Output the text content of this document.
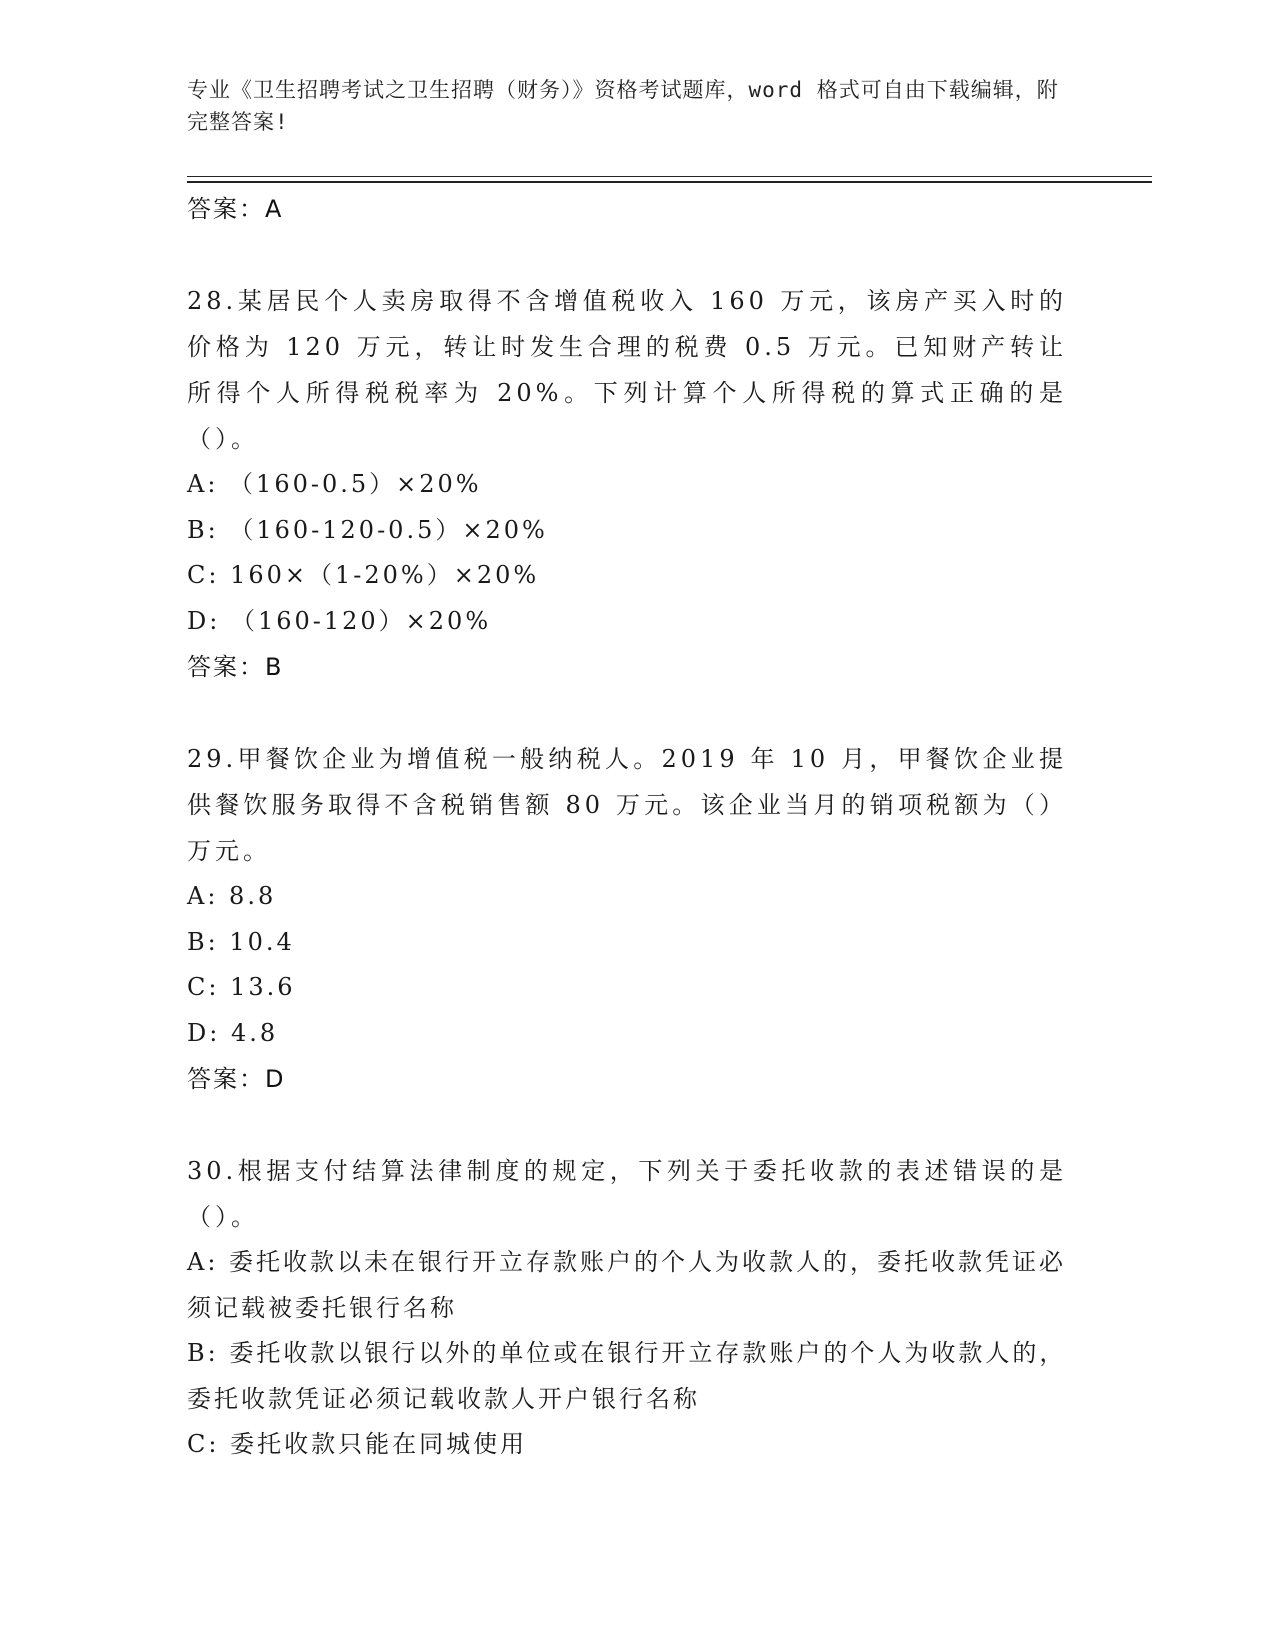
专业《卫生招聘考试之卫生招聘（财务）》资格考试题库，word 格式可自由下载编辑，附完整答案!
答案：A
28.某居民个人卖房取得不含增值税收入 160 万元，该房产买入时的价格为 120 万元，转让时发生合理的税费 0.5 万元。已知财产转让所得个人所得税税率为 20%。下列计算个人所得税的算式正确的是（）。
A: （160-0.5）×20%
B: （160-120-0.5）×20%
C: 160×（1-20%）×20%
D: （160-120）×20%
答案：B
29.甲餐饮企业为增值税一般纳税人。2019 年 10 月，甲餐饮企业提供餐饮服务取得不含税销售额 80 万元。该企业当月的销项税额为（）万元。
A: 8.8
B: 10.4
C: 13.6
D: 4.8
答案：D
30.根据支付结算法律制度的规定，下列关于委托收款的表述错误的是（）。
A: 委托收款以未在银行开立存款账户的个人为收款人的，委托收款凭证必须记载被委托银行名称
B: 委托收款以银行以外的单位或在银行开立存款账户的个人为收款人的，委托收款凭证必须记载收款人开户银行名称
C: 委托收款只能在同城使用
